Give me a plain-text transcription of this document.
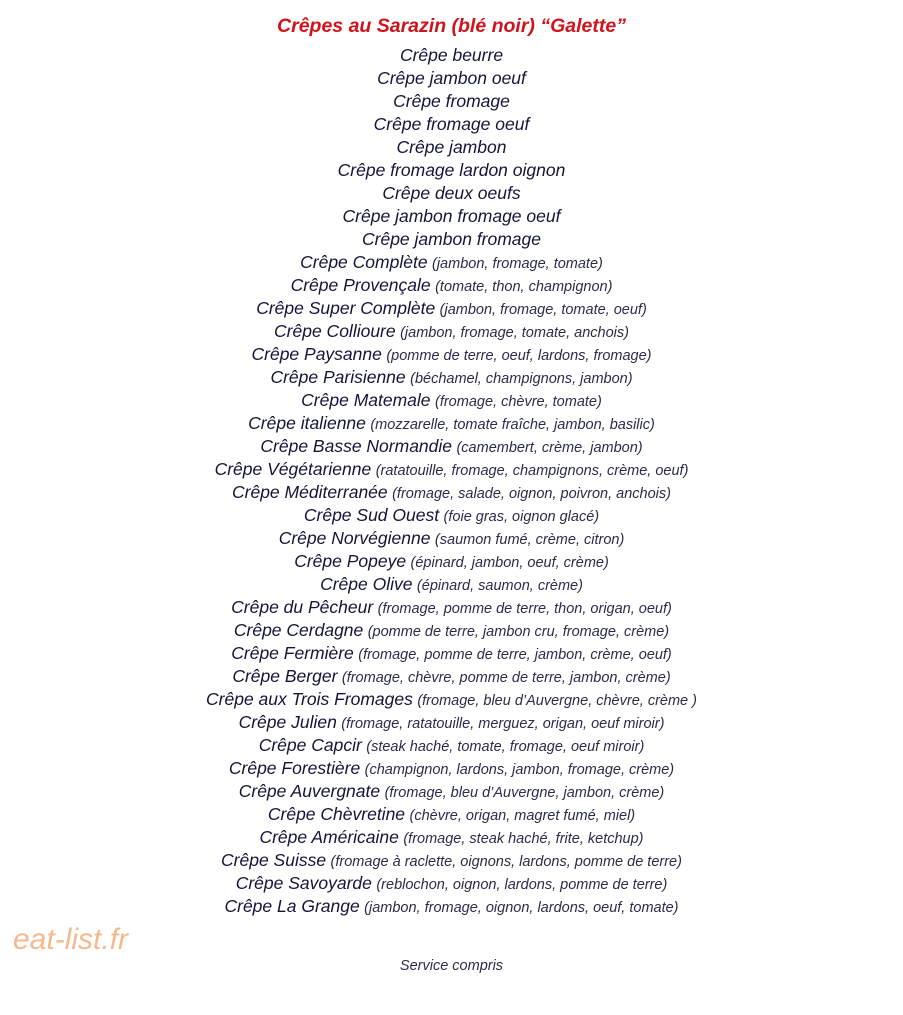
Crêpes au Sarazin (blé noir) “Galette”
Crêpe beurre
Crêpe jambon oeuf
Crêpe fromage
Crêpe fromage oeuf
Crêpe jambon
Crêpe fromage lardon oignon
Crêpe deux oeufs
Crêpe jambon fromage oeuf
Crêpe jambon fromage
Crêpe Complète (jambon, fromage, tomate)
Crêpe Provençale (tomate, thon, champignon)
Crêpe Super Complète (jambon, fromage, tomate, oeuf)
Crêpe Collioure (jambon, fromage, tomate, anchois)
Crêpe Paysanne (pomme de terre, oeuf, lardons, fromage)
Crêpe Parisienne (béchamel, champignons, jambon)
Crêpe Matemale (fromage, chèvre, tomate)
Crêpe italienne (mozzarelle, tomate fraîche, jambon, basilic)
Crêpe Basse Normandie (camembert, crème, jambon)
Crêpe Végétarienne (ratatouille, fromage, champignons, crème, oeuf)
Crêpe Méditerranée (fromage, salade, oignon, poivron, anchois)
Crêpe Sud Ouest (foie gras, oignon glacé)
Crêpe Norvégienne (saumon fumé, crème, citron)
Crêpe Popeye (épinard, jambon, oeuf, crème)
Crêpe Olive (épinard, saumon, crème)
Crêpe du Pêcheur (fromage, pomme de terre, thon, origan, oeuf)
Crêpe Cerdagne (pomme de terre, jambon cru, fromage, crème)
Crêpe Fermière (fromage, pomme de terre, jambon, crème, oeuf)
Crêpe Berger (fromage, chèvre, pomme de terre, jambon, crème)
Crêpe aux Trois Fromages (fromage, bleu d’Auvergne, chèvre, crème )
Crêpe Julien (fromage, ratatouille, merguez, origan, oeuf miroir)
Crêpe Capcir (steak haché, tomate, fromage, oeuf miroir)
Crêpe Forestière (champignon, lardons, jambon, fromage, crème)
Crêpe Auvergnate (fromage, bleu d’Auvergne, jambon, crème)
Crêpe Chèvretine (chèvre, origan, magret fumé, miel)
Crêpe Américaine (fromage, steak haché, frite, ketchup)
Crêpe Suisse (fromage à raclette, oignons, lardons, pomme de terre)
Crêpe Savoyarde (reblochon, oignon, lardons, pomme de terre)
Crêpe La Grange (jambon, fromage, oignon, lardons, oeuf, tomate)
eat-list.fr
Service compris
